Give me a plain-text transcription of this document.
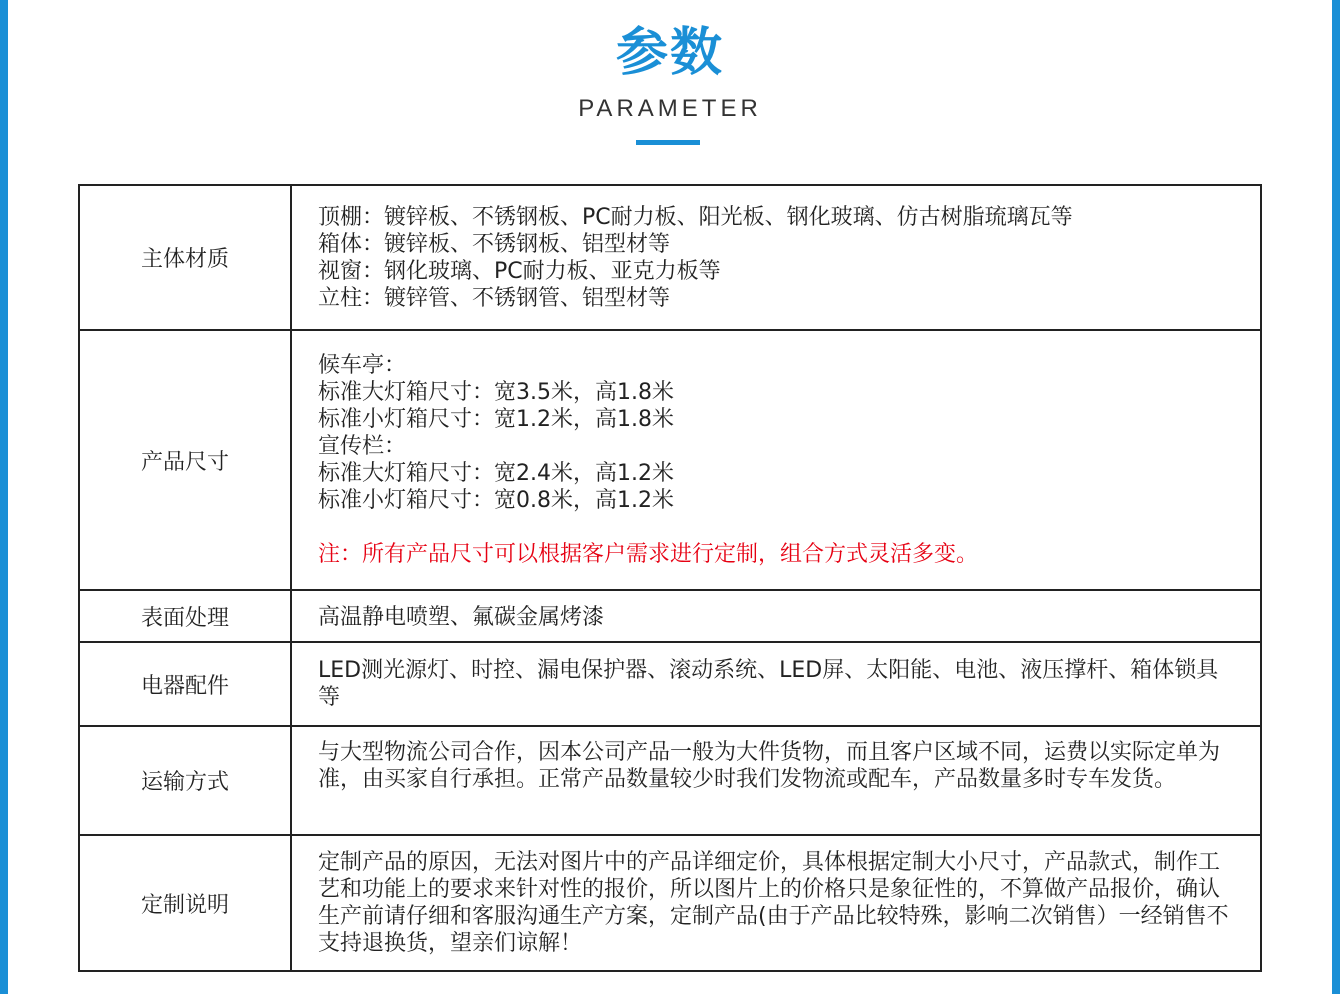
参数
PARAMETER
主体材质
顶棚：镀锌板、不锈钢板、PC耐力板、阳光板、钢化玻璃、仿古树脂琉璃瓦等
箱体：镀锌板、不锈钢板、铝型材等
视窗：钢化玻璃、PC耐力板、亚克力板等
立柱：镀锌管、不锈钢管、铝型材等
产品尺寸
候车亭：
标准大灯箱尺寸：宽3.5米，高1.8米
标准小灯箱尺寸：宽1.2米，高1.8米
宣传栏：
标准大灯箱尺寸：宽2.4米，高1.2米
标准小灯箱尺寸：宽0.8米，高1.2米
注：所有产品尺寸可以根据客户需求进行定制，组合方式灵活多变。
表面处理	高温静电喷塑、氟碳金属烤漆
电器配件
LED测光源灯、时控、漏电保护器、滚动系统、LED屏、太阳能、电池、液压撑杆、箱体锁具等
运输方式
与大型物流公司合作，因本公司产品一般为大件货物，而且客户区域不同，运费以实际定单为准，由买家自行承担。正常产品数量较少时我们发物流或配车，产品数量多时专车发货。
定制说明
定制产品的原因，无法对图片中的产品详细定价，具体根据定制大小尺寸，产品款式，制作工艺和功能上的要求来针对性的报价，所以图片上的价格只是象征性的，不算做产品报价，确认生产前请仔细和客服沟通生产方案，定制产品(由于产品比较特殊，影响二次销售）一经销售不支持退换货，望亲们谅解！
